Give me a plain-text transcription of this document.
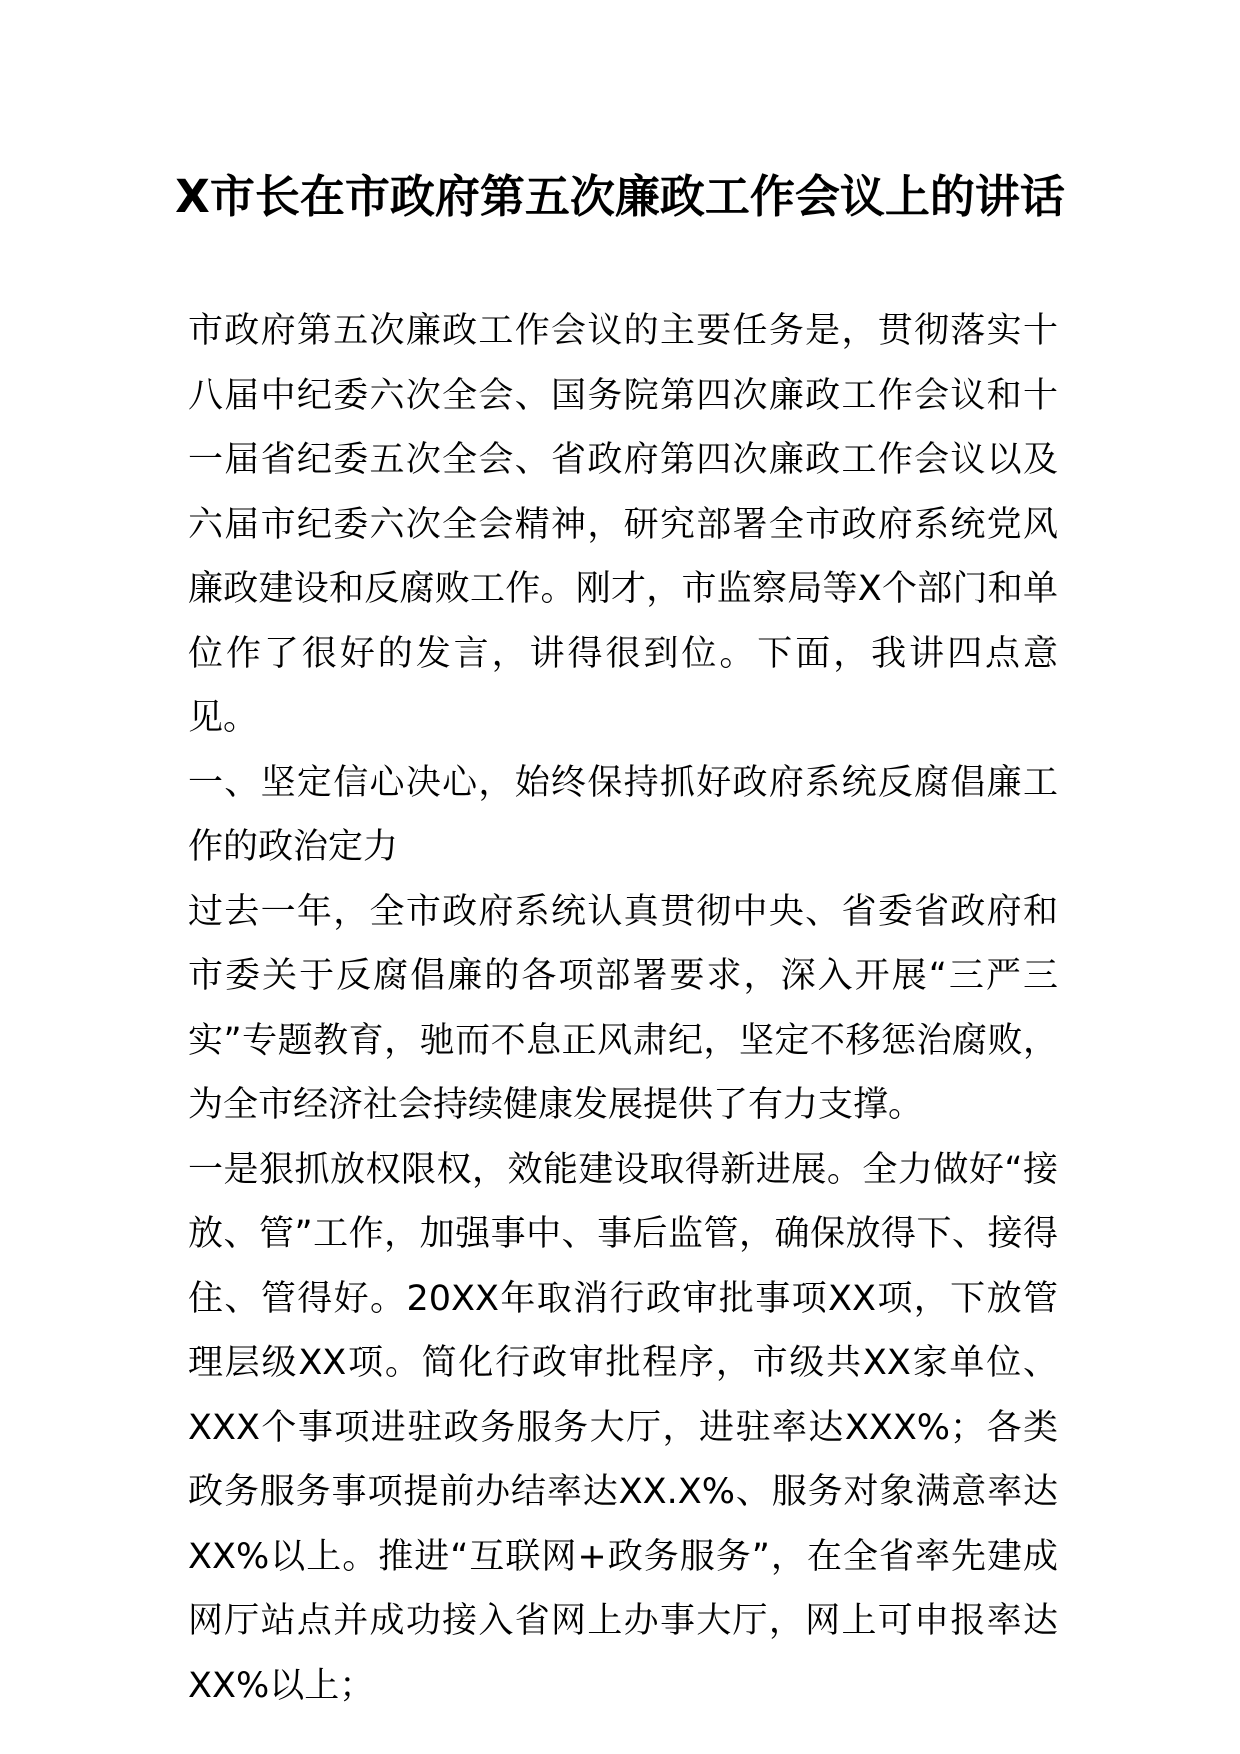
X市长在市政府第五次廉政工作会议上的讲话

市政府第五次廉政工作会议的主要任务是，贯彻落实十八届中纪委六次全会、国务院第四次廉政工作会议和十一届省纪委五次全会、省政府第四次廉政工作会议以及六届市纪委六次全会精神，研究部署全市政府系统党风廉政建设和反腐败工作。刚才，市监察局等X个部门和单位作了很好的发言，讲得很到位。下面，我讲四点意见。

一、坚定信心决心，始终保持抓好政府系统反腐倡廉工作的政治定力

过去一年，全市政府系统认真贯彻中央、省委省政府和市委关于反腐倡廉的各项部署要求，深入开展“三严三实”专题教育，驰而不息正风肃纪，坚定不移惩治腐败，为全市经济社会持续健康发展提供了有力支撑。

一是狠抓放权限权，效能建设取得新进展。全力做好“接放、管”工作，加强事中、事后监管，确保放得下、接得住、管得好。20XX年取消行政审批事项XX项，下放管理层级XX项。简化行政审批程序，市级共XX家单位、XXX个事项进驻政务服务大厅，进驻率达XXX%；各类政务服务事项提前办结率达XX.X%、服务对象满意率达XX%以上。推进“互联网+政务服务”，在全省率先建成网厅站点并成功接入省网上办事大厅，网上可申报率达XX%以上；
